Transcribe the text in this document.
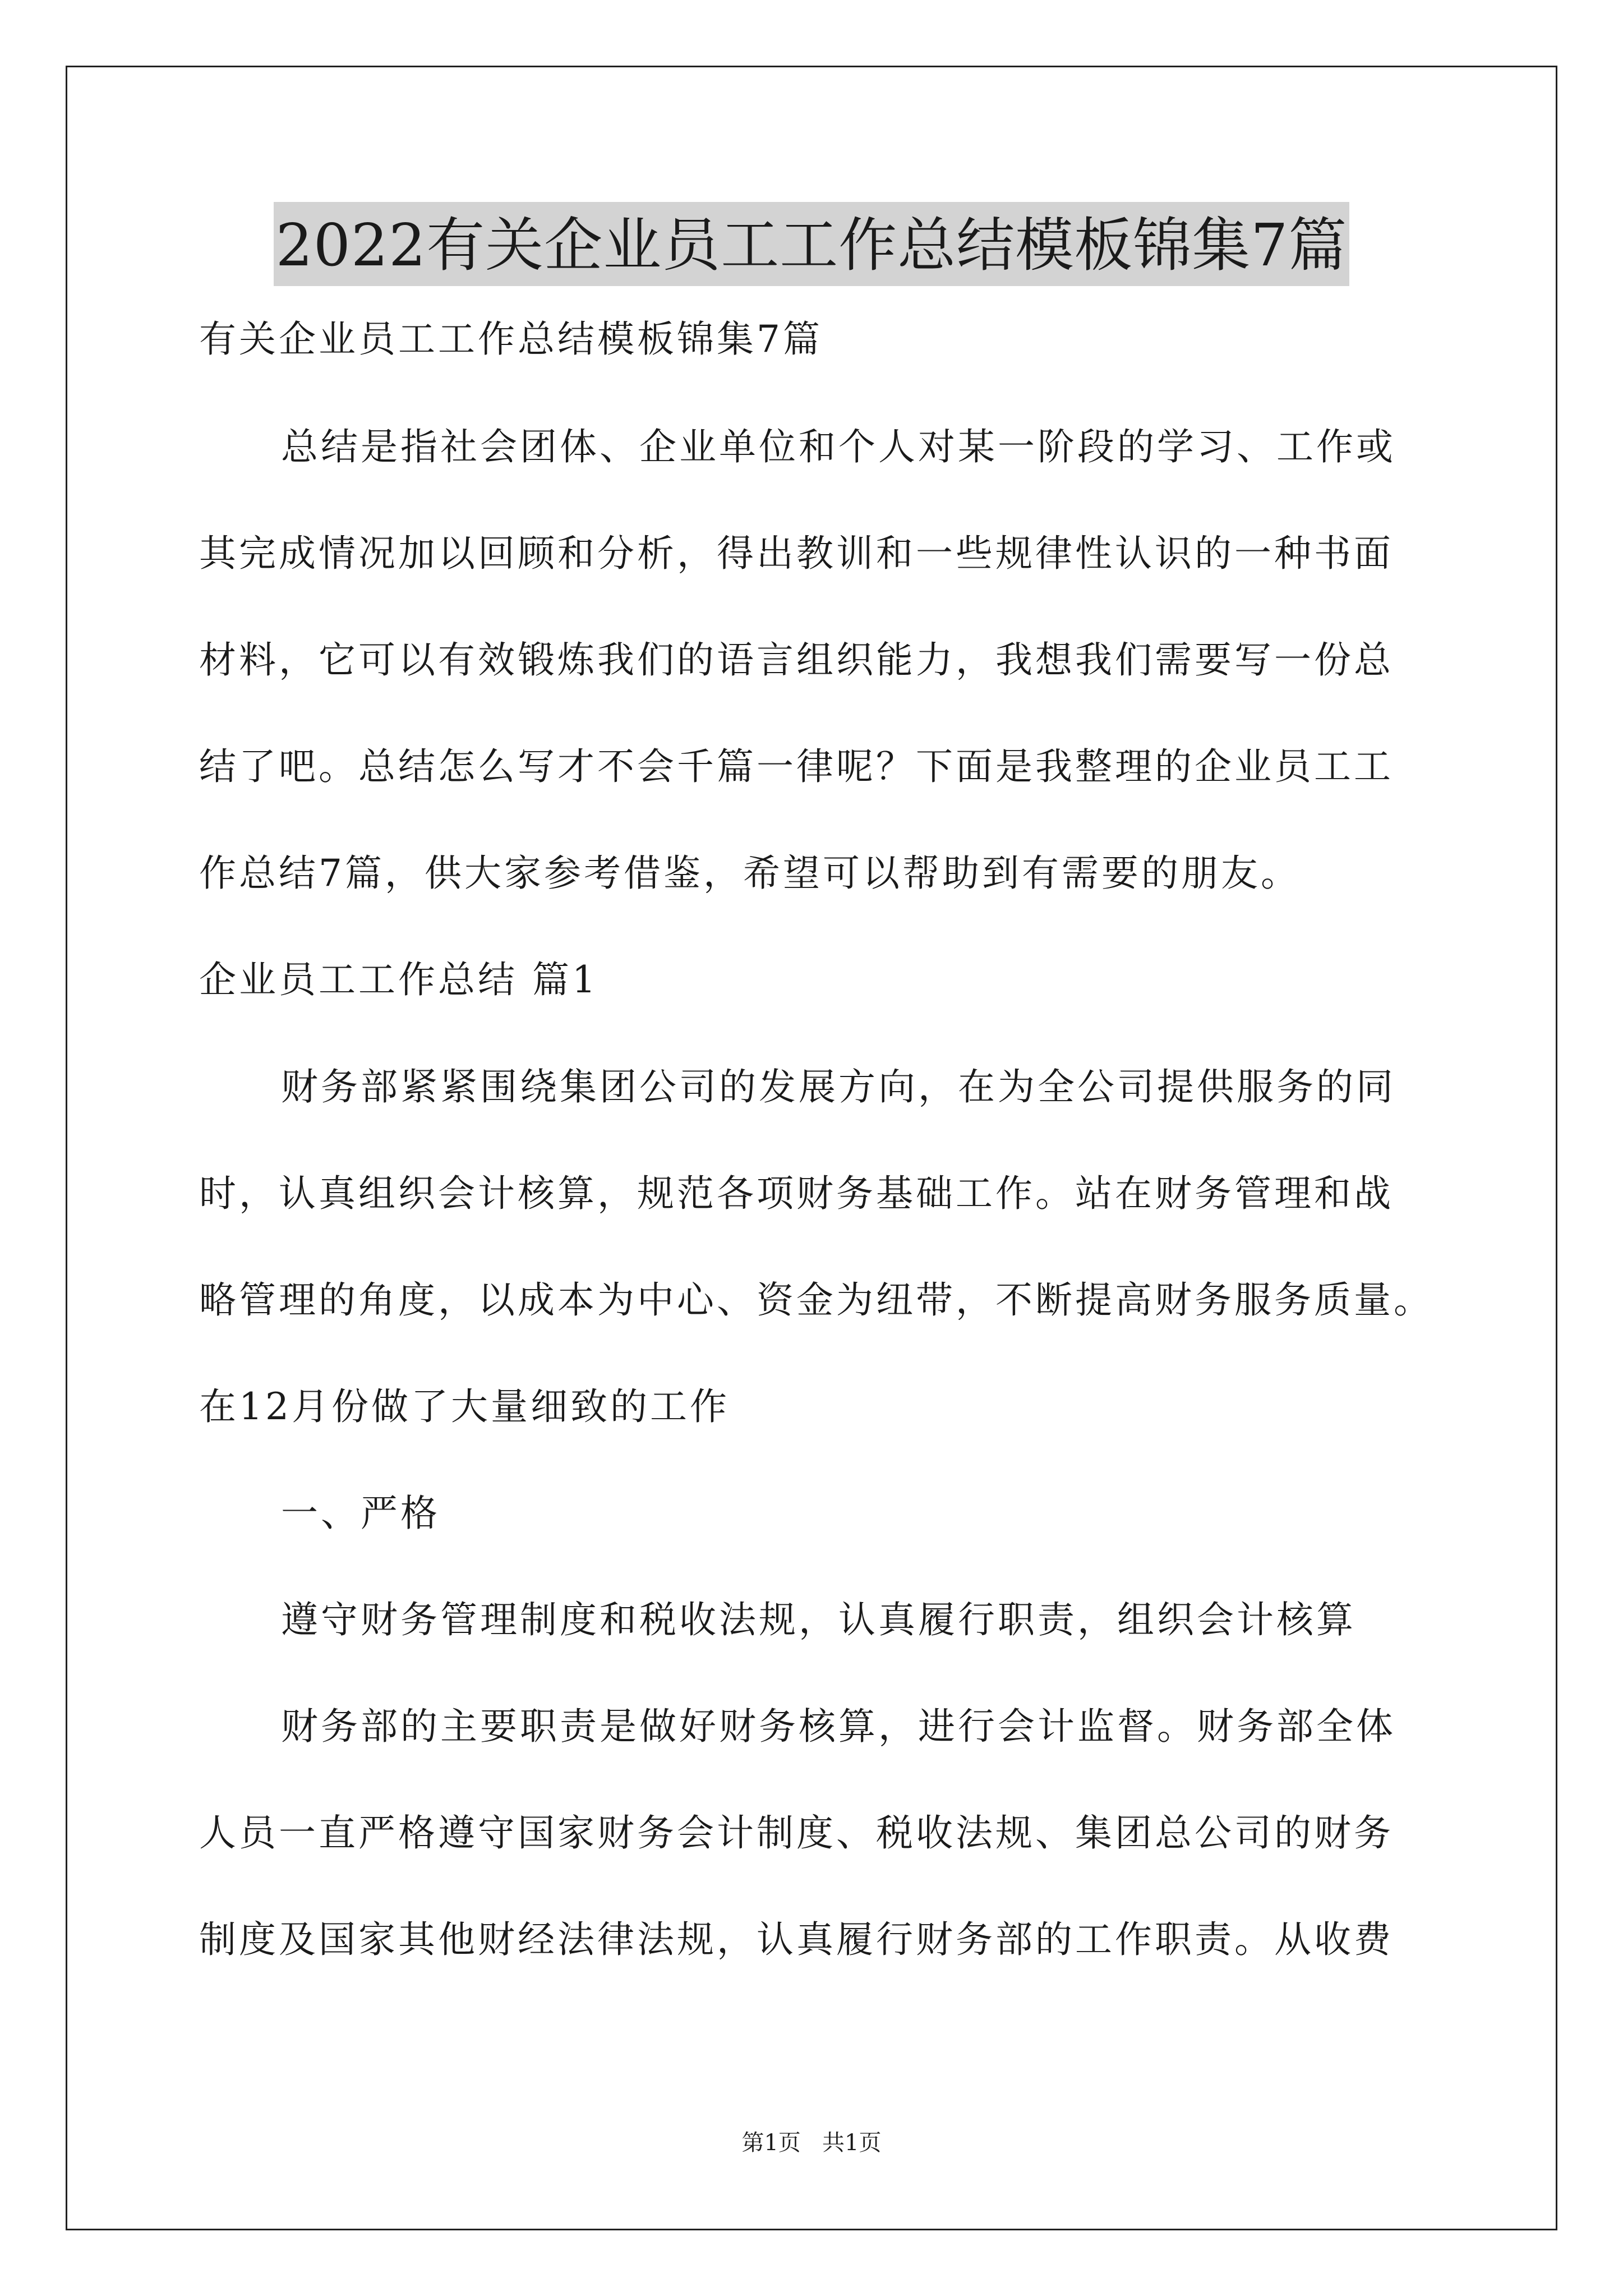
2022有关企业员工工作总结模板锦集7篇
有关企业员工工作总结模板锦集7篇
总结是指社会团体、企业单位和个人对某一阶段的学习、工作或
其完成情况加以回顾和分析，得出教训和一些规律性认识的一种书面
材料，它可以有效锻炼我们的语言组织能力，我想我们需要写一份总
结了吧。总结怎么写才不会千篇一律呢？下面是我整理的企业员工工
作总结7篇，供大家参考借鉴，希望可以帮助到有需要的朋友。
企业员工工作总结 篇1
财务部紧紧围绕集团公司的发展方向，在为全公司提供服务的同
时，认真组织会计核算，规范各项财务基础工作。站在财务管理和战
略管理的角度，以成本为中心、资金为纽带，不断提高财务服务质量。
在12月份做了大量细致的工作
一、严格
遵守财务管理制度和税收法规，认真履行职责，组织会计核算
财务部的主要职责是做好财务核算，进行会计监督。财务部全体
人员一直严格遵守国家财务会计制度、税收法规、集团总公司的财务
制度及国家其他财经法律法规，认真履行财务部的工作职责。从收费
第1页   共1页
